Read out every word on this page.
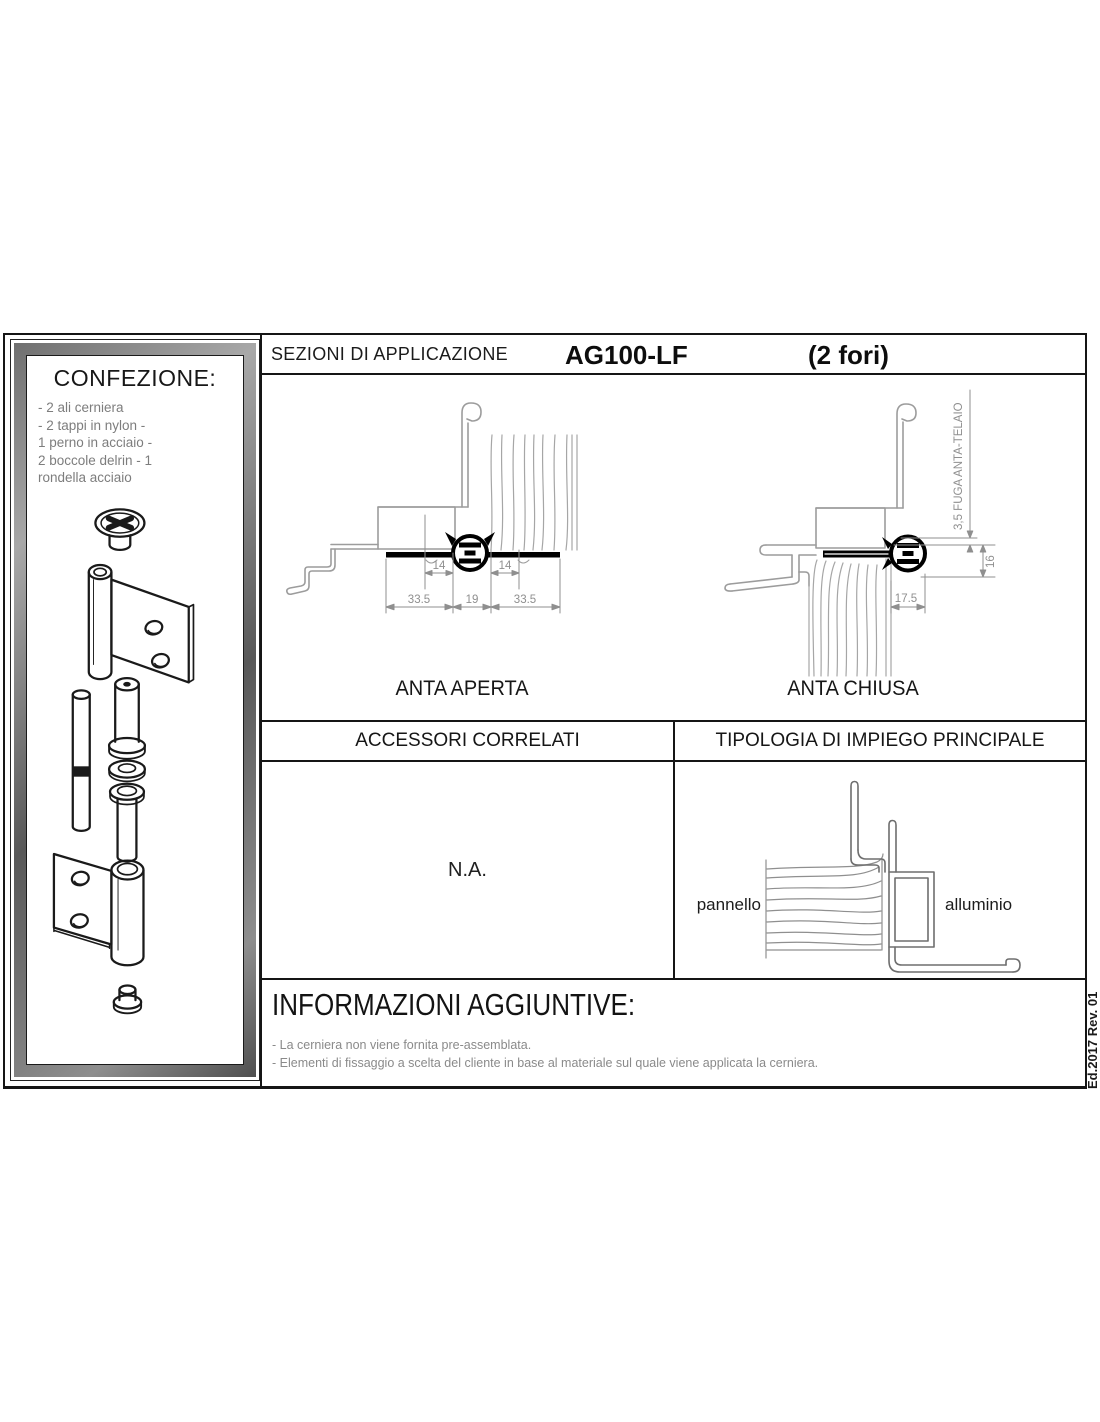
CONFEZIONE:
- 2 ali cerniera
- 2 tappi in nylon -
1 perno in acciaio -
2 boccole delrin - 1
rondella acciaio
SEZIONI DI APPLICAZIONE AG100-LF	(2 fori)
14	14
33.5	19	33.5
3,5 FUGA ANTA-TELAIO
16
17.5
ANTA APERTA	ANTA CHIUSA
ACCESSORI CORRELATI	TIPOLOGIA DI IMPIEGO PRINCIPALE
N.A.
pannello	alluminio
INFORMAZIONI AGGIUNTIVE:
- La cerniera non viene fornita pre-assemblata.
- Elementi di fissaggio a scelta del cliente in base al materiale sul quale viene applicata la cerniera.	Ed.2017 Rev. 01
